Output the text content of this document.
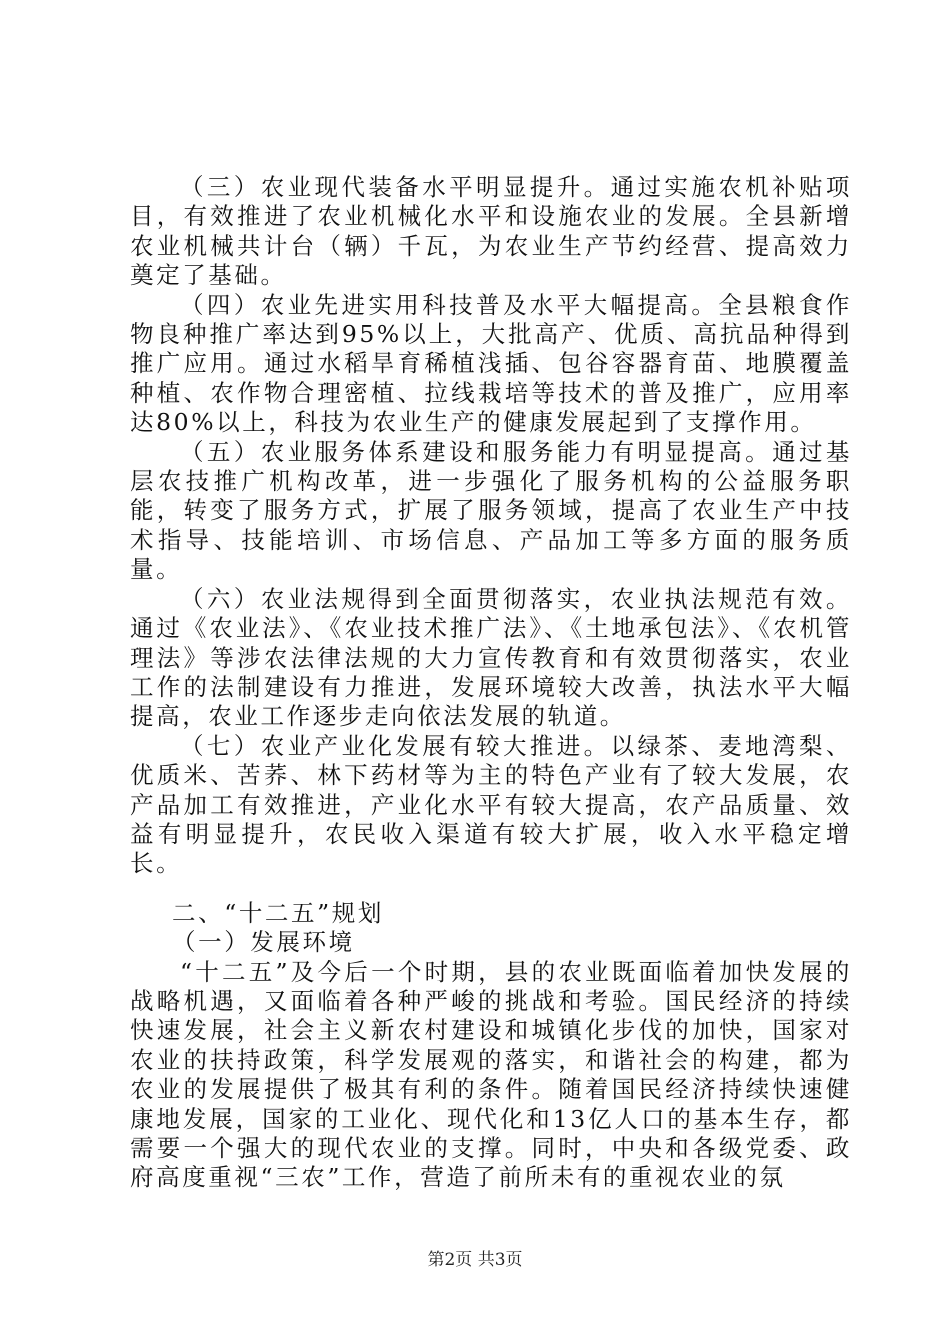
（三）农业现代装备水平明显提升。通过实施农机补贴项目，有效推进了农业机械化水平和设施农业的发展。全县新增农业机械共计台（辆）千瓦，为农业生产节约经营、提高效力奠定了基础。

（四）农业先进实用科技普及水平大幅提高。全县粮食作物良种推广率达到95%以上，大批高产、优质、高抗品种得到推广应用。通过水稻旱育稀植浅插、包谷容器育苗、地膜覆盖种植、农作物合理密植、拉线栽培等技术的普及推广，应用率达80%以上，科技为农业生产的健康发展起到了支撑作用。

（五）农业服务体系建设和服务能力有明显提高。通过基层农技推广机构改革，进一步强化了服务机构的公益服务职能，转变了服务方式，扩展了服务领域，提高了农业生产中技术指导、技能培训、市场信息、产品加工等多方面的服务质量。

（六）农业法规得到全面贯彻落实，农业执法规范有效。通过《农业法》、《农业技术推广法》、《土地承包法》、《农机管理法》等涉农法律法规的大力宣传教育和有效贯彻落实，农业工作的法制建设有力推进，发展环境较大改善，执法水平大幅提高，农业工作逐步走向依法发展的轨道。

（七）农业产业化发展有较大推进。以绿茶、麦地湾梨、优质米、苦荞、林下药材等为主的特色产业有了较大发展，农产品加工有效推进，产业化水平有较大提高，农产品质量、效益有明显提升，农民收入渠道有较大扩展，收入水平稳定增长。

二、“十二五”规划

（一）发展环境

“十二五”及今后一个时期，县的农业既面临着加快发展的战略机遇，又面临着各种严峻的挑战和考验。国民经济的持续快速发展，社会主义新农村建设和城镇化步伐的加快，国家对农业的扶持政策，科学发展观的落实，和谐社会的构建，都为农业的发展提供了极其有利的条件。随着国民经济持续快速健康地发展，国家的工业化、现代化和13亿人口的基本生存，都需要一个强大的现代农业的支撑。同时，中央和各级党委、政府高度重视“三农”工作，营造了前所未有的重视农业的氛

第2页 共3页
